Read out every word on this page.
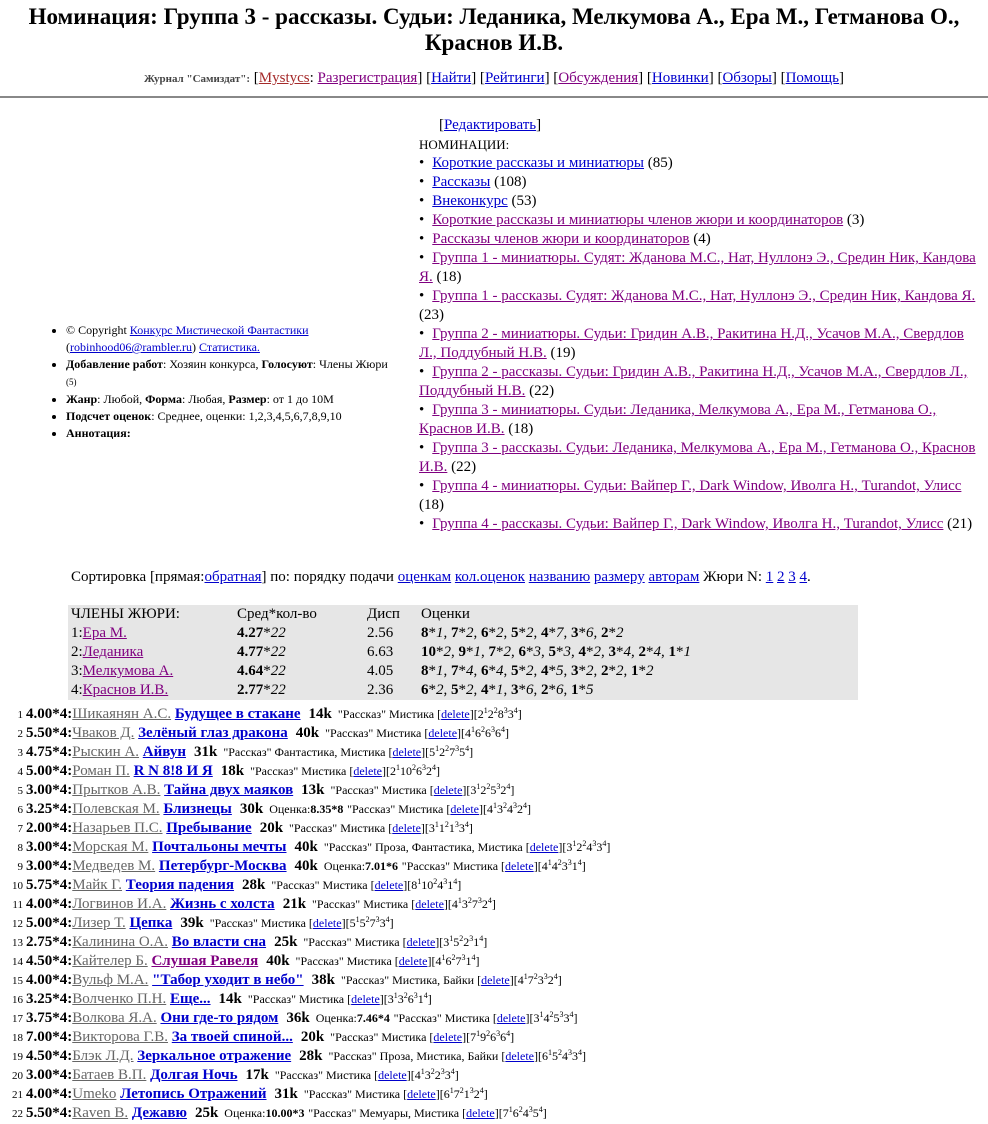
Номинация: Группа 3 - рассказы. Судьи: Леданика, Мелкумова А., Ера М., Гетманова О., Краснов И.В.
Журнал "Самиздат": [Mystycs: Разрегистрация] [Найти] [Рейтинги] [Обсуждения] [Новинки] [Обзоры] [Помощь]
• © Copyright Конкурс Мистической Фантастики
(robinhood06@rambler.ru) Статистика.
• Добавление работ: Хозяин конкурса, Голосуют: Члены Жюри
(5)
• Жанр: Любой, Форма: Любая, Размер: от 1 до 10M
• Подсчет оценок: Среднее, оценки: 1,2,3,4,5,6,7,8,9,10
• Аннотация:
[Редактировать]
НОМИНАЦИИ:
• Короткие рассказы и миниатюры (85)
• Рассказы (108)
• Внеконкурс (53)
• Короткие рассказы и миниатюры членов жюри и координаторов (3)
• Рассказы членов жюри и координаторов (4)
• Группа 1 - миниатюры. Судят: Жданова М.С., Нат, Нуллонэ Э., Средин Ник, Кандова Я. (18)
• Группа 1 - рассказы. Судят: Жданова М.С., Нат, Нуллонэ Э., Средин Ник, Кандова Я. (23)
• Группа 2 - миниатюры. Судьи: Гридин А.В., Ракитина Н.Д., Усачов М.А., Свердлов Л., Поддубный Н.В. (19)
• Группа 2 - рассказы. Судьи: Гридин А.В., Ракитина Н.Д., Усачов М.А., Свердлов Л., Поддубный Н.В. (22)
• Группа 3 - миниатюры. Судьи: Леданика, Мелкумова А., Ера М., Гетманова О., Краснов И.В. (18)
• Группа 3 - рассказы. Судьи: Леданика, Мелкумова А., Ера М., Гетманова О., Краснов И.В. (22)
• Группа 4 - миниатюры. Судьи: Вайпер Г., Dark Window, Иволга Н., Turandot, Улисс (18)
• Группа 4 - рассказы. Судьи: Вайпер Г., Dark Window, Иволга Н., Turandot, Улисс (21)
Сортировка [прямая:обратная] по: порядку подачи оценкам кол.оценок названию размеру авторам Жюри N: 1 2 3 4.
ЧЛЕНЫ ЖЮРИ:	Сред*кол-во	Дисп	Оценки
1:Ера М.	4.27*22	2.56	8*1, 7*2, 6*2, 5*2, 4*7, 3*6, 2*2
2:Леданика	4.77*22	6.63	10*2, 9*1, 7*2, 6*3, 5*3, 4*2, 3*4, 2*4, 1*1
3:Мелкумова А.	4.64*22	4.05	8*1, 7*4, 6*4, 5*2, 4*5, 3*2, 2*2, 1*2
4:Краснов И.В.	2.77*22	2.36	6*2, 5*2, 4*1, 3*6, 2*6, 1*5
1 4.00*4:Шикаянян А.С. Будущее в стакане 14k "Рассказ" Мистика $[delete][2^12^28^33^4]$
2 5.50*4:Чваков Д. Зелёный глаз дракона 40k "Рассказ" Мистика $[delete][4^16^26^36^4]$
3 4.75*4:Рыскин А. Айвун 31k "Рассказ" Фантастика, Мистика $[delete][5^12^27^35^4]$
4 5.00*4:Роман П. R N 8!8 И Я 18k "Рассказ" Мистика $[delete][2^110^26^32^4]$
5 3.00*4:Прытков А.В. Тайна двух маяков 13k "Рассказ" Мистика $[delete][3^12^25^32^4]$
6 3.25*4:Полевская М. Близнецы 30k Оценка:8.35*8 "Рассказ" Мистика $[delete][4^13^24^32^4]$
7 2.00*4:Назарьев П.С. Пребывание 20k "Рассказ" Мистика $[delete][3^11^21^33^4]$
8 3.00*4:Морская М. Почтальоны мечты 40k "Рассказ" Проза, Фантастика, Мистика $[delete][3^12^24^33^4]$
9 3.00*4:Медведев М. Петербург-Москва 40k Оценка:7.01*6 "Рассказ" Мистика $[delete][4^14^23^31^4]$
10 5.75*4:Майк Г. Теория падения 28k "Рассказ" Мистика $[delete][8^110^24^31^4]$
11 4.00*4:Логвинов И.А. Жизнь с холста 21k "Рассказ" Мистика $[delete][4^13^27^32^4]$
12 5.00*4:Лизер Т. Цепка 39k "Рассказ" Мистика $[delete][5^15^27^33^4]$
13 2.75*4:Калинина О.А. Во власти сна 25k "Рассказ" Мистика $[delete][3^15^22^31^4]$
14 4.50*4:Кайтелер Б. Слушая Равеля 40k "Рассказ" Мистика $[delete][4^16^27^31^4]$
15 4.00*4:Вульф М.А. "Табор уходит в небо" 38k "Рассказ" Мистика, Байки $[delete][4^17^23^32^4]$
16 3.25*4:Волченко П.Н. Еще... 14k "Рассказ" Мистика $[delete][3^13^26^31^4]$
17 3.75*4:Волкова Я.А. Они где-то рядом 36k Оценка:7.46*4 "Рассказ" Мистика $[delete][3^14^25^33^4]$
18 7.00*4:Викторова Г.В. За твоей спиной... 20k "Рассказ" Мистика $[delete][7^19^26^36^4]$
19 4.50*4:Блэк Л.Д. Зеркальное отражение 28k "Рассказ" Проза, Мистика, Байки $[delete][6^15^24^33^4]$
20 3.00*4:Батаев В.П. Долгая Ночь 17k "Рассказ" Мистика $[delete][4^13^22^33^4]$
21 4.00*4:Umeko Летопись Отражений 31k "Рассказ" Мистика $[delete][6^17^21^32^4]$
22 5.50*4:Raven B. Дежавю 25k Оценка:10.00*3 "Рассказ" Мемуары, Мистика $[delete][7^16^24^35^4]$
